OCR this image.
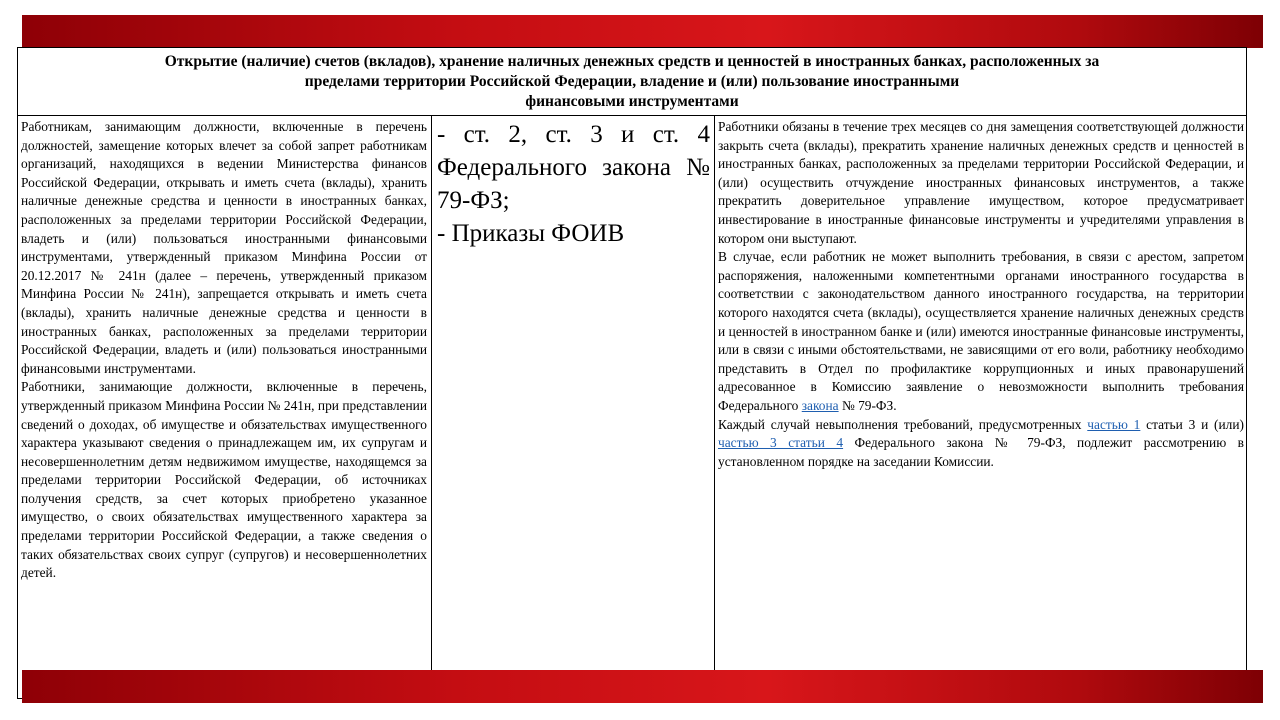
Открытие (наличие) счетов (вкладов), хранение наличных денежных средств и ценностей в иностранных банках, расположенных за
пределами территории Российской Федерации, владение и (или) пользование иностранными
финансовыми инструментами

Работникам, занимающим должности, включенные в перечень должностей, замещение которых влечет за собой запрет работникам организаций, находящихся в ведении Министерства финансов Российской Федерации, открывать и иметь счета (вклады), хранить наличные денежные средства и ценности в иностранных банках, расположенных за пределами территории Российской Федерации, владеть и (или) пользоваться иностранными финансовыми инструментами, утвержденный приказом Минфина России от 20.12.2017 № 241н (далее – перечень, утвержденный приказом Минфина России № 241н), запрещается открывать и иметь счета (вклады), хранить наличные денежные средства и ценности в иностранных банках, расположенных за пределами территории Российской Федерации, владеть и (или) пользоваться иностранными финансовыми инструментами.

Работники, занимающие должности, включенные в перечень, утвержденный приказом Минфина России № 241н, при представлении сведений о доходах, об имуществе и обязательствах имущественного характера указывают сведения о принадлежащем им, их супругам и несовершеннолетним детям недвижимом имуществе, находящемся за пределами территории Российской Федерации, об источниках получения средств, за счет которых приобретено указанное имущество, о своих обязательствах имущественного характера за пределами территории Российской Федерации, а также сведения о таких обязательствах своих супруг (супругов) и несовершеннолетних детей.

- ст. 2, ст. 3 и ст. 4 Федерального закона № 79-ФЗ;

- Приказы ФОИВ

Работники обязаны в течение трех месяцев со дня замещения соответствующей должности закрыть счета (вклады), прекратить хранение наличных денежных средств и ценностей в иностранных банках, расположенных за пределами территории Российской Федерации, и (или) осуществить отчуждение иностранных финансовых инструментов, а также прекратить доверительное управление имуществом, которое предусматривает инвестирование в иностранные финансовые инструменты и учредителями управления в котором они выступают.

В случае, если работник не может выполнить требования, в связи с арестом, запретом распоряжения, наложенными компетентными органами иностранного государства в соответствии с законодательством данного иностранного государства, на территории которого находятся счета (вклады), осуществляется хранение наличных денежных средств и ценностей в иностранном банке и (или) имеются иностранные финансовые инструменты, или в связи с иными обстоятельствами, не зависящими от его воли, работнику необходимо представить в Отдел по профилактике коррупционных и иных правонарушений адресованное в Комиссию заявление о невозможности выполнить требования Федерального закона № 79-ФЗ.

Каждый случай невыполнения требований, предусмотренных частью 1 статьи 3 и (или) частью 3 статьи 4 Федерального закона № 79-ФЗ, подлежит рассмотрению в установленном порядке на заседании Комиссии.
